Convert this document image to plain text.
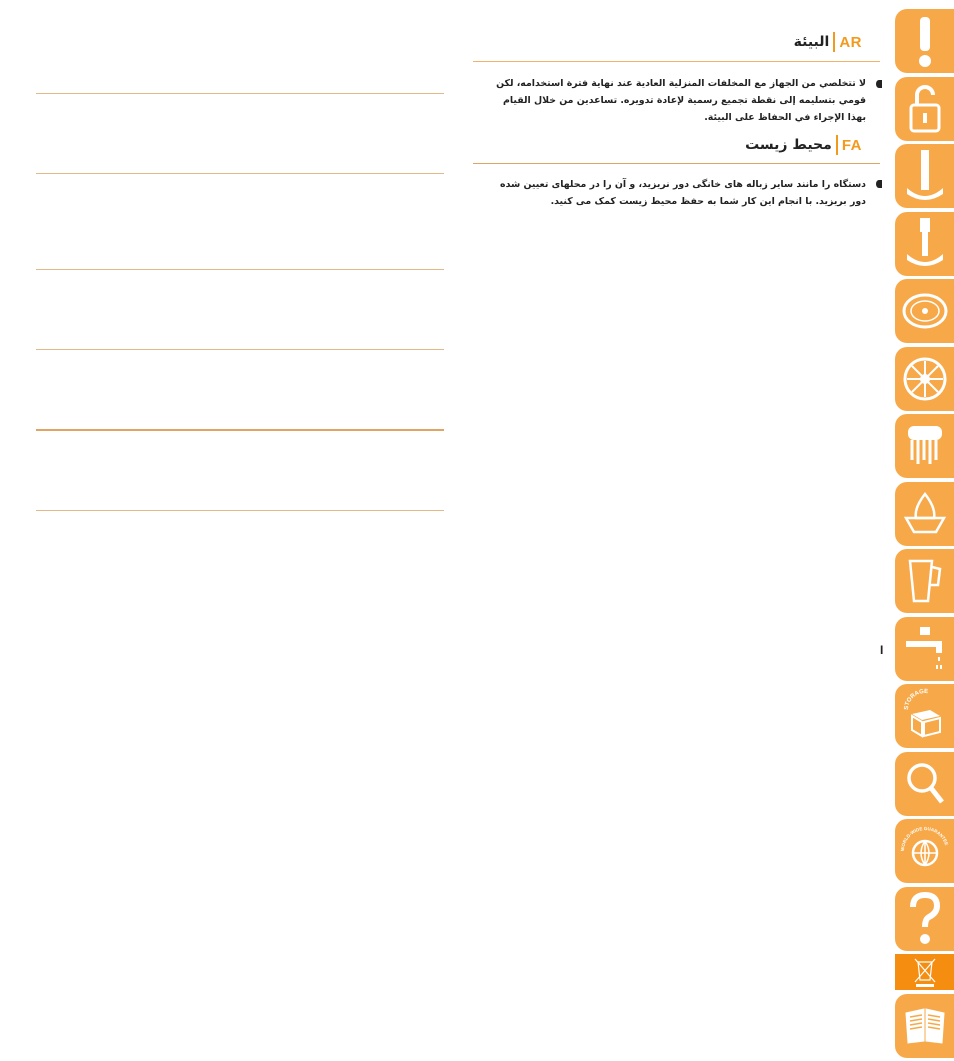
البيئة AR
لا تتخلصي من الجهاز مع المخلفات المنزلية العادية عند نهاية فترة استخدامه، لكن قومي بتسليمه إلى نقطة تجميع رسمية لإعادة تدويره. تساعدين من خلال القيام بهذا الإجراء في الحفاظ على البيئة.
محیط زیست FA
دستگاه را مانند سایر زباله های خانگی دور نریزید، و آن را در محلهای تعیین شده دور بریزید. با انجام این کار شما به حفظ محیط زیست کمک می کنید.
STORAGE
WORLD-WIDE GUARANTEE
I
